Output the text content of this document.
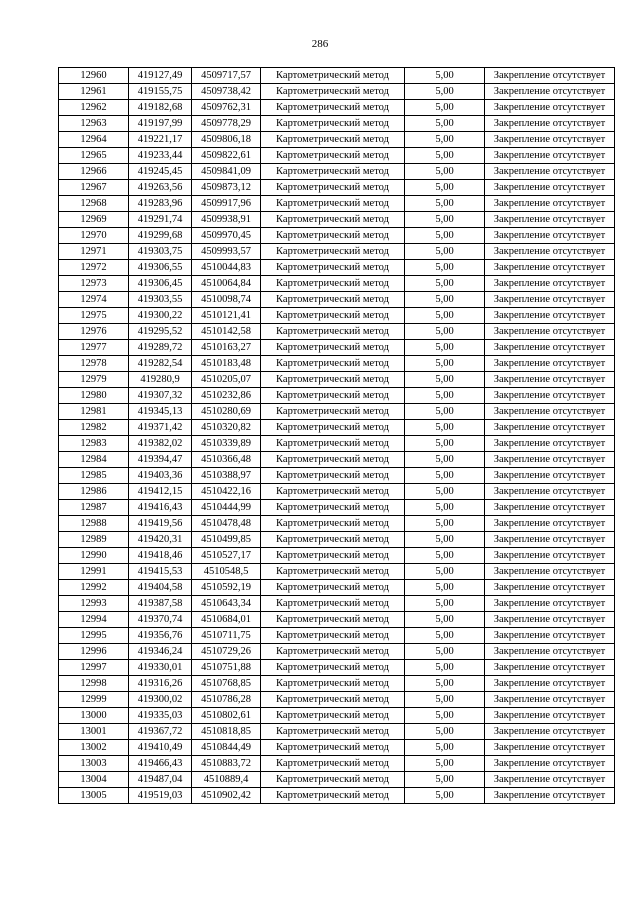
286
12960	419127,49	4509717,57	Картометрический метод	5,00	Закрепление отсутствует
12961	419155,75	4509738,42	Картометрический метод	5,00	Закрепление отсутствует
12962	419182,68	4509762,31	Картометрический метод	5,00	Закрепление отсутствует
12963	419197,99	4509778,29	Картометрический метод	5,00	Закрепление отсутствует
12964	419221,17	4509806,18	Картометрический метод	5,00	Закрепление отсутствует
12965	419233,44	4509822,61	Картометрический метод	5,00	Закрепление отсутствует
12966	419245,45	4509841,09	Картометрический метод	5,00	Закрепление отсутствует
12967	419263,56	4509873,12	Картометрический метод	5,00	Закрепление отсутствует
12968	419283,96	4509917,96	Картометрический метод	5,00	Закрепление отсутствует
12969	419291,74	4509938,91	Картометрический метод	5,00	Закрепление отсутствует
12970	419299,68	4509970,45	Картометрический метод	5,00	Закрепление отсутствует
12971	419303,75	4509993,57	Картометрический метод	5,00	Закрепление отсутствует
12972	419306,55	4510044,83	Картометрический метод	5,00	Закрепление отсутствует
12973	419306,45	4510064,84	Картометрический метод	5,00	Закрепление отсутствует
12974	419303,55	4510098,74	Картометрический метод	5,00	Закрепление отсутствует
12975	419300,22	4510121,41	Картометрический метод	5,00	Закрепление отсутствует
12976	419295,52	4510142,58	Картометрический метод	5,00	Закрепление отсутствует
12977	419289,72	4510163,27	Картометрический метод	5,00	Закрепление отсутствует
12978	419282,54	4510183,48	Картометрический метод	5,00	Закрепление отсутствует
12979	419280,9	4510205,07	Картометрический метод	5,00	Закрепление отсутствует
12980	419307,32	4510232,86	Картометрический метод	5,00	Закрепление отсутствует
12981	419345,13	4510280,69	Картометрический метод	5,00	Закрепление отсутствует
12982	419371,42	4510320,82	Картометрический метод	5,00	Закрепление отсутствует
12983	419382,02	4510339,89	Картометрический метод	5,00	Закрепление отсутствует
12984	419394,47	4510366,48	Картометрический метод	5,00	Закрепление отсутствует
12985	419403,36	4510388,97	Картометрический метод	5,00	Закрепление отсутствует
12986	419412,15	4510422,16	Картометрический метод	5,00	Закрепление отсутствует
12987	419416,43	4510444,99	Картометрический метод	5,00	Закрепление отсутствует
12988	419419,56	4510478,48	Картометрический метод	5,00	Закрепление отсутствует
12989	419420,31	4510499,85	Картометрический метод	5,00	Закрепление отсутствует
12990	419418,46	4510527,17	Картометрический метод	5,00	Закрепление отсутствует
12991	419415,53	4510548,5	Картометрический метод	5,00	Закрепление отсутствует
12992	419404,58	4510592,19	Картометрический метод	5,00	Закрепление отсутствует
12993	419387,58	4510643,34	Картометрический метод	5,00	Закрепление отсутствует
12994	419370,74	4510684,01	Картометрический метод	5,00	Закрепление отсутствует
12995	419356,76	4510711,75	Картометрический метод	5,00	Закрепление отсутствует
12996	419346,24	4510729,26	Картометрический метод	5,00	Закрепление отсутствует
12997	419330,01	4510751,88	Картометрический метод	5,00	Закрепление отсутствует
12998	419316,26	4510768,85	Картометрический метод	5,00	Закрепление отсутствует
12999	419300,02	4510786,28	Картометрический метод	5,00	Закрепление отсутствует
13000	419335,03	4510802,61	Картометрический метод	5,00	Закрепление отсутствует
13001	419367,72	4510818,85	Картометрический метод	5,00	Закрепление отсутствует
13002	419410,49	4510844,49	Картометрический метод	5,00	Закрепление отсутствует
13003	419466,43	4510883,72	Картометрический метод	5,00	Закрепление отсутствует
13004	419487,04	4510889,4	Картометрический метод	5,00	Закрепление отсутствует
13005	419519,03	4510902,42	Картометрический метод	5,00	Закрепление отсутствует
